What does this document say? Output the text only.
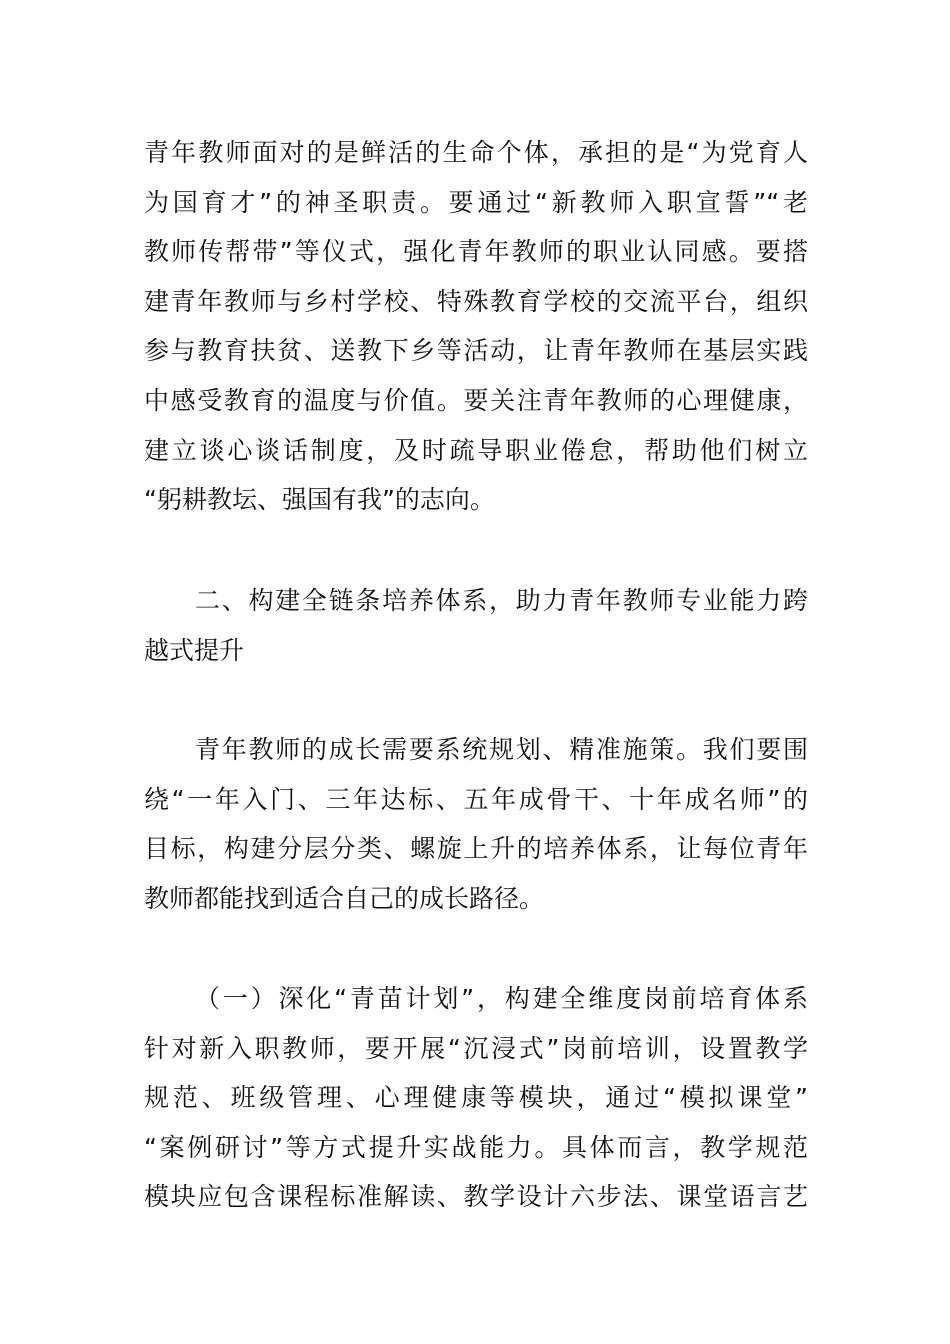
青年教师面对的是鲜活的生命个体，承担的是“为党育人
为国育才”的神圣职责。要通过“新教师入职宣誓”“老
教师传帮带”等仪式，强化青年教师的职业认同感。要搭
建青年教师与乡村学校、特殊教育学校的交流平台，组织
参与教育扶贫、送教下乡等活动，让青年教师在基层实践
中感受教育的温度与价值。要关注青年教师的心理健康，
建立谈心谈话制度，及时疏导职业倦怠，帮助他们树立
“躬耕教坛、强国有我”的志向。
二、构建全链条培养体系，助力青年教师专业能力跨
越式提升
青年教师的成长需要系统规划、精准施策。我们要围
绕“一年入门、三年达标、五年成骨干、十年成名师”的
目标，构建分层分类、螺旋上升的培养体系，让每位青年
教师都能找到适合自己的成长路径。
（一）深化“青苗计划”，构建全维度岗前培育体系
针对新入职教师，要开展“沉浸式”岗前培训，设置教学
规范、班级管理、心理健康等模块，通过“模拟课堂”
“案例研讨”等方式提升实战能力。具体而言，教学规范
模块应包含课程标准解读、教学设计六步法、课堂语言艺
